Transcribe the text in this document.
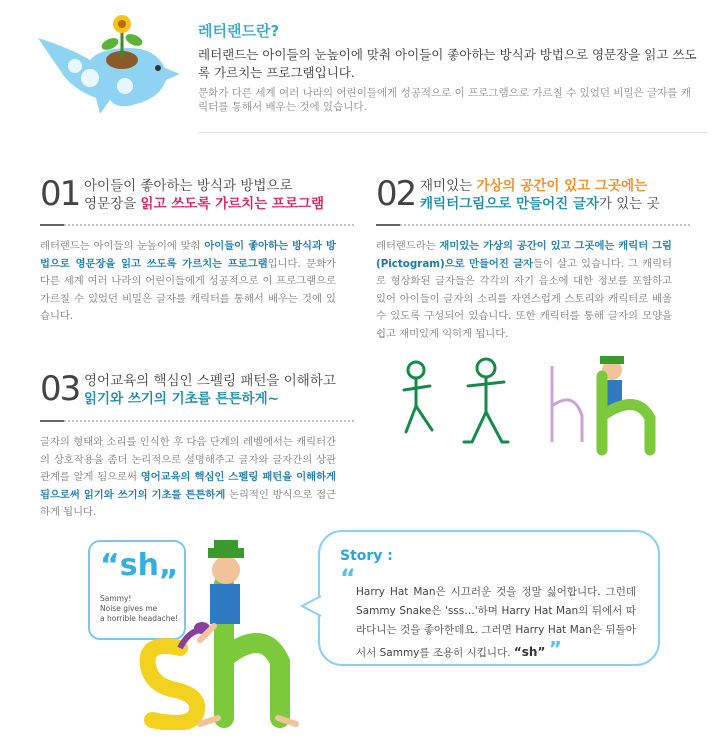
레터랜드란?
레터랜드는 아이들의 눈높이에 맞춰 아이들이 좋아하는 방식과 방법으로 영문장을 읽고 쓰도록 가르치는 프로그램입니다.
문화가 다른 세계 여러 나라의 어린이들에게 성공적으로 이 프로그램으로 가르칠 수 있었던 비밀은 글자를 캐릭터를 통해서 배우는 것에 있습니다.
01 아이들이 좋아하는 방식과 방법으로
영문장을 읽고 쓰도록 가르치는 프로그램
레터랜드는 아이들의 눈높이에 맞춰 아이들이 좋아하는 방식과 방법으로 영문장을 읽고 쓰도록 가르치는 프로그램입니다. 문화가 다른 세계 여러 나라의 어린이들에게 성공적으로 이 프로그램으로 가르칠 수 있었던 비밀은 글자를 캐릭터를 통해서 배우는 것에 있습니다.
02 재미있는 가상의 공간이 있고 그곳에는
캐릭터그림으로 만들어진 글자가 있는 곳
레터랜드라는 재미있는 가상의 공간이 있고 그곳에는 캐릭터 그림 (Pictogram)으로 만들어진 글자들이 살고 있습니다. 그 캐릭터로 형상화된 글자들은 각각의 자기 음소에 대한 정보를 포함하고 있어 아이들이 글자의 소리를 자연스럽게 스토리와 캐릭터로 배울 수 있도록 구성되어 있습니다. 또한 캐릭터를 통해 글자의 모양을 쉽고 재미있게 익히게 됩니다.
03 영어교육의 핵심인 스펠링 패턴을 이해하고
읽기와 쓰기의 기초를 튼튼하게~
글자의 형태와 소리를 인식한 후 다음 단계의 레벨에서는 캐릭터간의 상호작용을 좀더 논리적으로 설명해주고 글자와 글자간의 상관관계를 알게 됨으로써 영어교육의 핵심인 스펠링 패턴을 이해하게 됨으로써 읽기와 쓰기의 기초를 튼튼하게 논리적인 방식으로 접근하게 됩니다.
“sh„
Sammy!
Noise gives me
a horrible headache!
Story :
“ Harry Hat Man은 시끄러운 것을 정말 싫어합니다. 그런데 Sammy Snake은 'sss…'하며 Harry Hat Man의 뒤에서 따라다니는 것을 좋아한데요. 그러면 Harry Hat Man은 뒤돌아서서 Sammy를 조용히 시킵니다. “sh” ”
